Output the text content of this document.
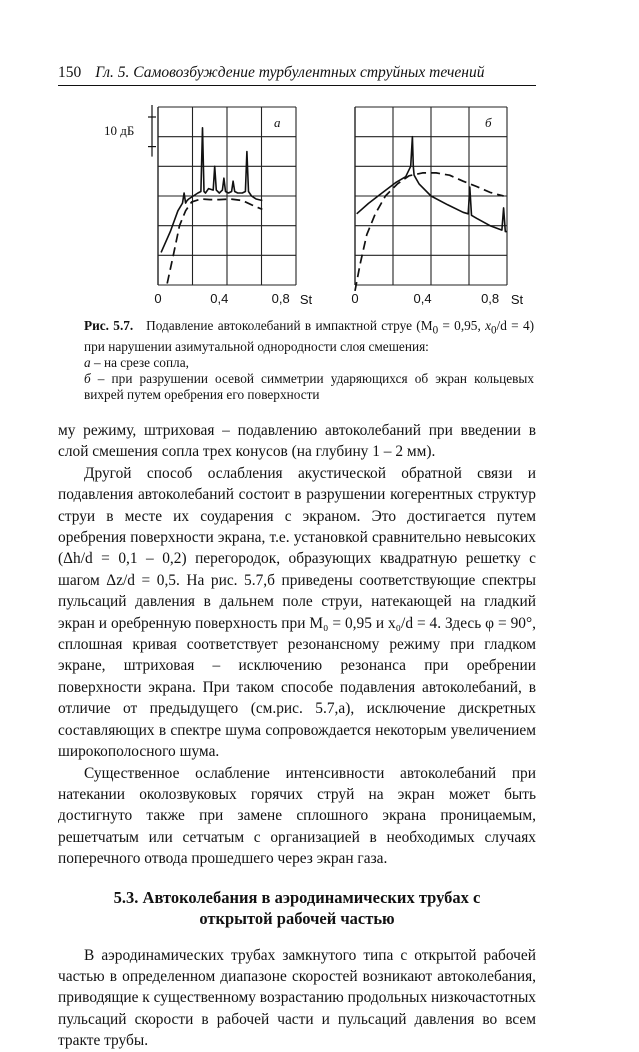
150 Гл. 5. Самовозбуждение турбулентных струйных течений
а
10 дБ
0	0,4	0,8 St
б
0	0,4	0,8 St

Рис. 5.7. Подавление автоколебаний в импактной струе ($M_0 = 0,95$, $x_0/d = 4$) при нарушении азимутальной однородности слоя смешения:

а – на срезе сопла,

б – при разрушении осевой симметрии ударяющихся об экран кольцевых вихрей путем оребрения его поверхности

му режиму, штриховая – подавлению автоколебаний при введении в слой смешения сопла трех конусов (на глубину 1 – 2 мм).

Другой способ ослабления акустической обратной связи и подавления автоколебаний состоит в разрушении когерентных структур струи в месте их соударения с экраном. Это достигается путем оребрения поверхности экрана, т.е. установкой сравнительно невысоких (Δh/d = 0,1 – 0,2) перегородок, образующих квадратную решетку с шагом Δz/d = 0,5. На рис. 5.7,б приведены соответствующие спектры пульсаций давления в дальнем поле струи, натекающей на гладкий экран и оребренную поверхность при M₀ = 0,95 и x₀/d = 4. Здесь φ = 90°, сплошная кривая соответствует резонансному режиму при гладком экране, штриховая – исключению резонанса при оребрении поверхности экрана. При таком способе подавления автоколебаний, в отличие от предыдущего (см.рис. 5.7,а), исключение дискретных составляющих в спектре шума сопровождается некоторым увеличением широкополосного шума.

Существенное ослабление интенсивности автоколебаний при натекании околозвуковых горячих струй на экран может быть достигнуто также при замене сплошного экрана проницаемым, решетчатым или сетчатым с организацией в необходимых случаях поперечного отвода прошедшего через экран газа.

5.3. Автоколебания в аэродинамических трубах с открытой рабочей частью

В аэродинамических трубах замкнутого типа с открытой рабочей частью в определенном диапазоне скоростей возникают автоколебания, приводящие к существенному возрастанию продольных низкочастотных пульсаций скорости в рабочей части и пульсаций давления во всем тракте трубы.
